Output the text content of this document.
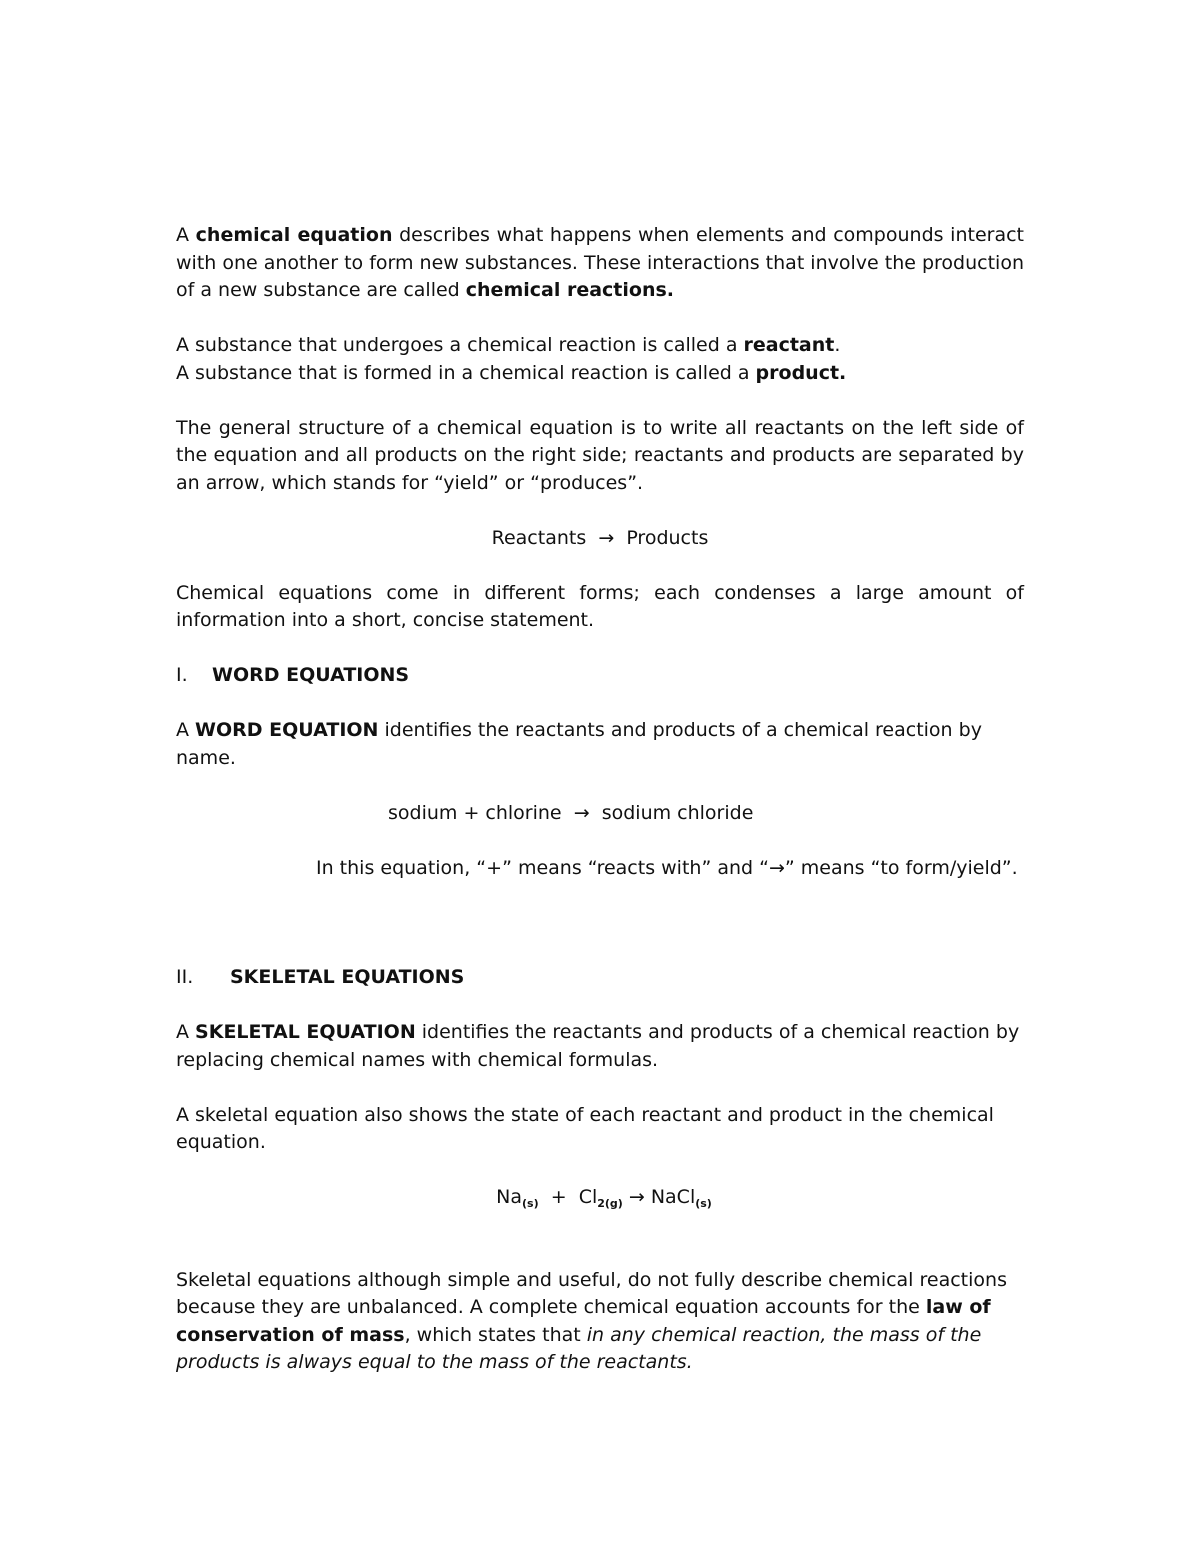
A chemical equation describes what happens when elements and compounds interact with one another to form new substances. These interactions that involve the production of a new substance are called chemical reactions.

A substance that undergoes a chemical reaction is called a reactant.

A substance that is formed in a chemical reaction is called a product.

The general structure of a chemical equation is to write all reactants on the left side of the equation and all products on the right side; reactants and products are separated by an arrow, which stands for “yield” or “produces”.

Reactants  →  Products

Chemical equations come in different forms; each condenses a large amount of information into a short, concise statement.

I. WORD EQUATIONS

A WORD EQUATION identifies the reactants and products of a chemical reaction by name.

sodium + chlorine  →  sodium chloride
In this equation, “+” means “reacts with” and “→” means “to form/yield”.
II. SKELETAL EQUATIONS

A SKELETAL EQUATION identifies the reactants and products of a chemical reaction by replacing chemical names with chemical formulas.

A skeletal equation also shows the state of each reactant and product in the chemical equation.

$Na_{(s)} + Cl_{2(g)}$ → NaCl$_{(s)}$

Skeletal equations although simple and useful, do not fully describe chemical reactions because they are unbalanced. A complete chemical equation accounts for the law of conservation of mass, which states that in any chemical reaction, the mass of the products is always equal to the mass of the reactants.
